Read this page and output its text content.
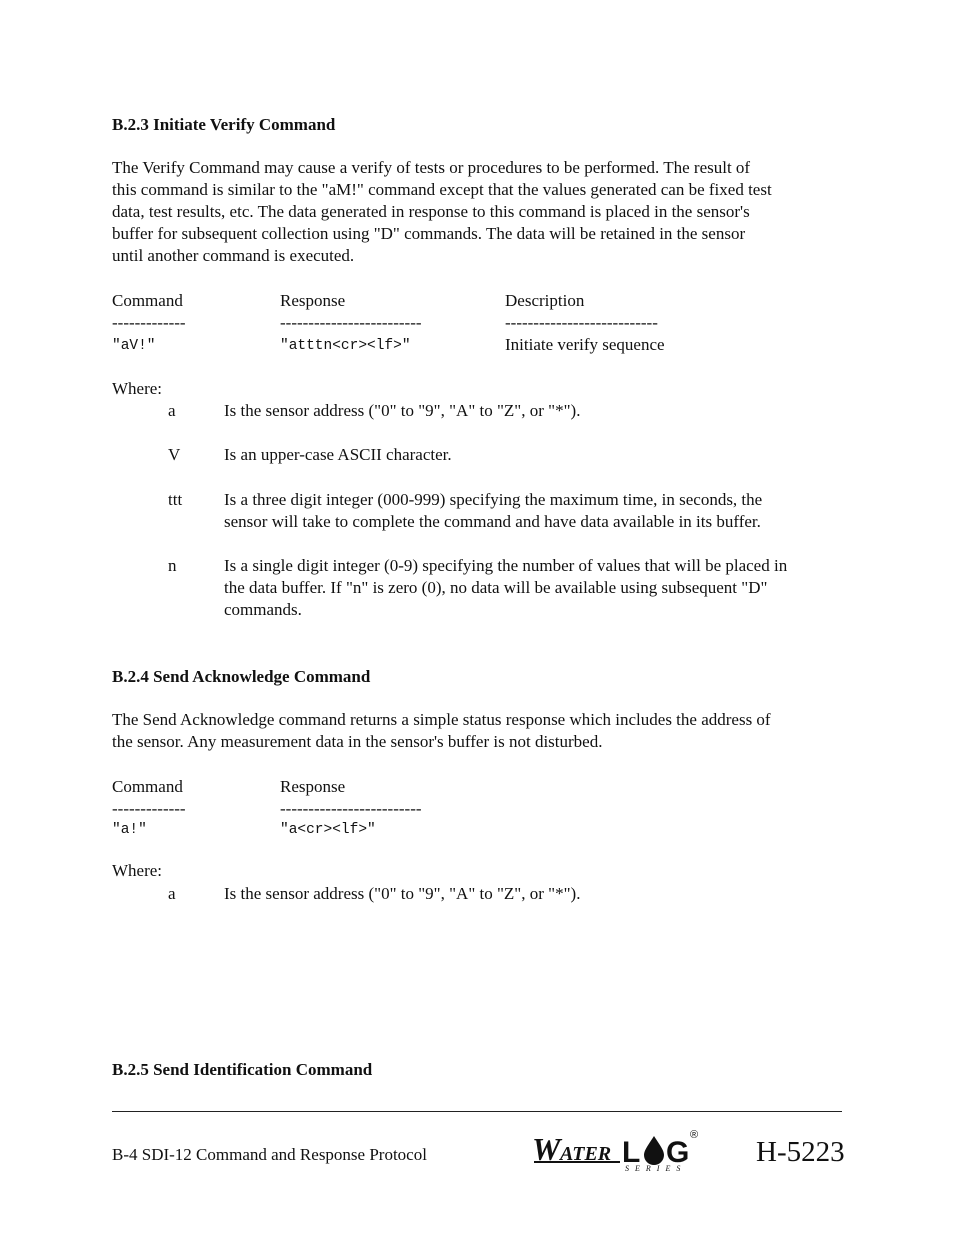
B.2.3 Initiate Verify Command
The Verify Command may cause a verify of tests or procedures to be performed. The result of
this command is similar to the "aM!" command except that the values generated can be fixed test
data, test results, etc. The data generated in response to this command is placed in the sensor's
buffer for subsequent collection using "D" commands. The data will be retained in the sensor
until another command is executed.
Command	Response	Description
-------------	-------------------------	---------------------------
"aV!"	"atttn<cr><lf>"	Initiate verify sequence
Where:
a	Is the sensor address ("0" to "9", "A" to "Z", or "*").
V	Is an upper-case ASCII character.
ttt Is a three digit integer (000-999) specifying the maximum time, in seconds, the
sensor will take to complete the command and have data available in its buffer.
n	Is a single digit integer (0-9) specifying the number of values that will be placed in
the data buffer. If "n" is zero (0), no data will be available using subsequent "D"
commands.
B.2.4 Send Acknowledge Command
The Send Acknowledge command returns a simple status response which includes the address of
the sensor. Any measurement data in the sensor's buffer is not disturbed.
Command	Response
-------------	-------------------------
"a!"	"a<cr><lf>"
Where:
a	Is the sensor address ("0" to "9", "A" to "Z", or "*").
B.2.5 Send Identification Command
B-4 SDI-12 Command and Response Protocol	W ATER L G
®
SERIES
H-5223
